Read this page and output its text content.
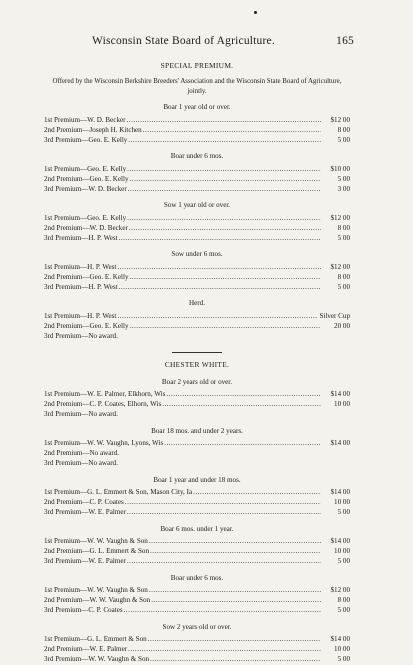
Wisconsin State Board of Agriculture.	165
SPECIAL PREMIUM.
Offered by the Wisconsin Berkshire Breeders' Association and the Wisconsin State Board of Agriculture, jointly.
Boar 1 year old or over.
1st Premium—W. D. Becker .....	$12 00
2nd Premium—Joseph H. Kitchen .....	8 00
3rd Premium—Geo. E. Kelly .....	5 00
Boar under 6 mos.
1st Premium—Geo. E. Kelly .....	$10 00
2nd Premium—Geo. E. Kelly .....	5 00
3rd Premium—W. D. Becker .....	3 00
Sow 1 year old or over.
1st Premium—Geo. E. Kelly .....	$12 00
2nd Premium—W. D. Becker .....	8 00
3rd Premium—H. P. West .....	5 00
Sow under 6 mos.
1st Premium—H. P. West .....	$12 00
2nd Premium—Geo. E. Kelly .....	8 00
3rd Premium—H. P. West .....	5 00
Herd.
1st Premium—H. P. West .....	Silver Cup
2nd Premium—Geo. E. Kelly .....	20 00
3rd Premium—No award.
CHESTER WHITE.
Boar 2 years old or over.
1st Premium—W. E. Palmer, Elkhorn, Wis .....	$14 00
2nd Premium—C. P. Coates, Elhorn, Wis .....	10 00
3rd Premium—No award.
Boar 18 mos. and under 2 years.
1st Premium—W. W. Vaughn, Lyons, Wis .....	$14 00
2nd Premium—No award.
3rd Premium—No award.
Boar 1 year and under 18 mos.
1st Premium—G. L. Emmert & Son, Mason City, Ia .....	$14 00
2nd Premium—C. P. Coates .....	10 00
3rd Premium—W. E. Palmer .....	5 00
Boar 6 mos. under 1 year.
1st Premium—W. W. Vaughn & Son .....	$14 00
2nd Premium—G. L. Emmert & Son .....	10 00
3rd Premium—W. E. Palmer .....	5 00
Boar under 6 mos.
1st Premium—W. W. Vaughn & Son .....	$12 00
2nd Premium—W. W. Vaughn & Son .....	8 00
3rd Premium—C. P. Coates .....	5 00
Sow 2 years old or over.
1st Premium—G. L. Emmert & Son .....	$14 00
2nd Premium—W. E. Palmer .....	10 00
3rd Premium—W. W. Vaughn & Son .....	5 00
